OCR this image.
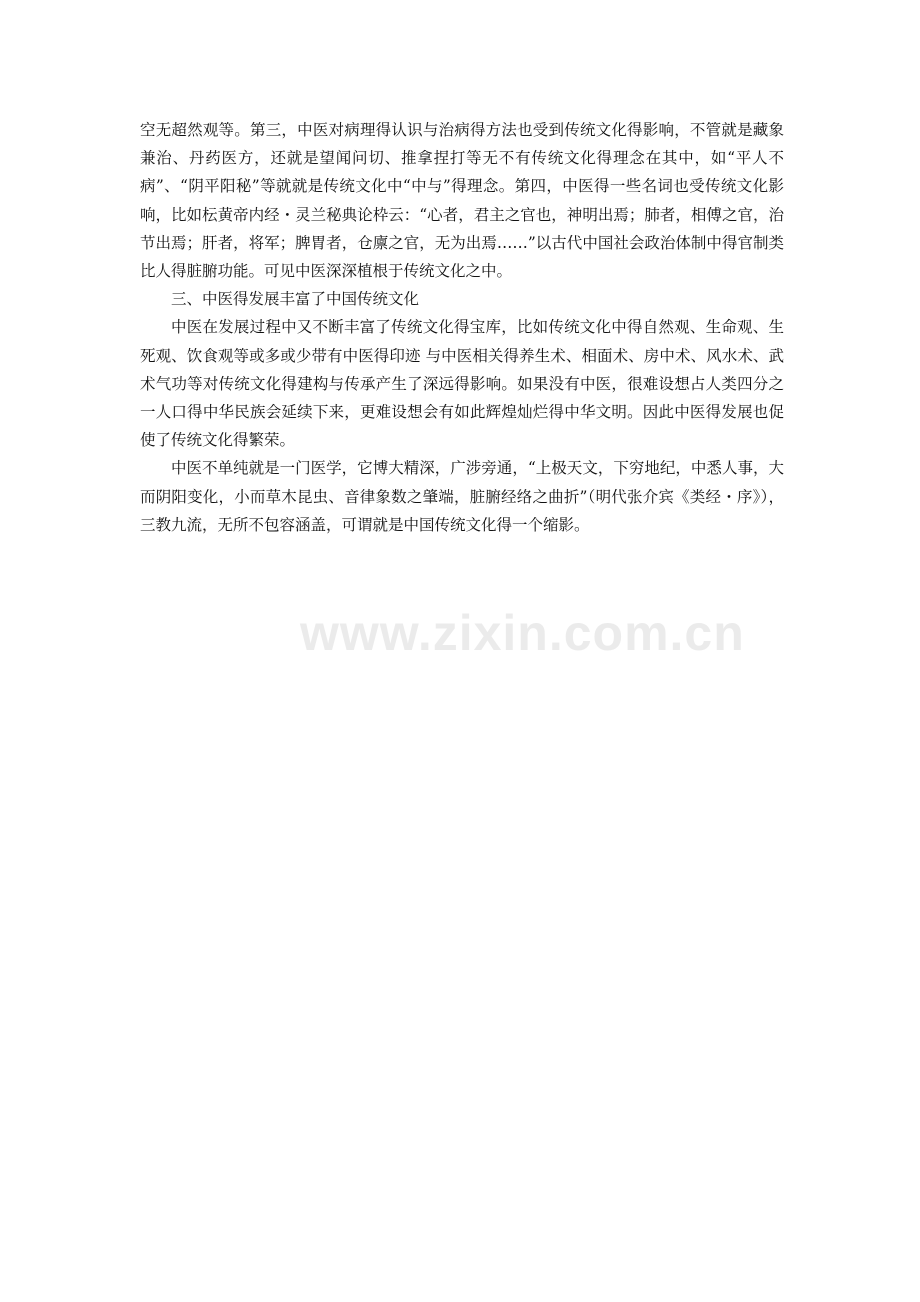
空无超然观等。第三，中医对病理得认识与治病得方法也受到传统文化得影响，不管就是藏象兼治、丹药医方，还就是望闻问切、推拿捏打等无不有传统文化得理念在其中，如“平人不病”、“阴平阳秘”等就就是传统文化中“中与”得理念。第四，中医得一些名词也受传统文化影响，比如枟黄帝内经・灵兰秘典论枠云：“心者，君主之官也，神明出焉；肺者，相傅之官，治节出焉；肝者，将军；脾胃者，仓廪之官，无为出焉……”以古代中国社会政治体制中得官制类比人得脏腑功能。可见中医深深植根于传统文化之中。

三、中医得发展丰富了中国传统文化

中医在发展过程中又不断丰富了传统文化得宝库，比如传统文化中得自然观、生命观、生死观、饮食观等或多或少带有中医得印迹 与中医相关得养生术、相面术、房中术、风水术、武术气功等对传统文化得建构与传承产生了深远得影响。如果没有中医，很难设想占人类四分之一人口得中华民族会延续下来，更难设想会有如此辉煌灿烂得中华文明。因此中医得发展也促使了传统文化得繁荣。

中医不单纯就是一门医学，它博大精深，广涉旁通，“上极天文，下穷地纪，中悉人事，大而阴阳变化，小而草木昆虫、音律象数之肇端，脏腑经络之曲折”（明代张介宾《类经・序》），三教九流，无所不包容涵盖，可谓就是中国传统文化得一个缩影。

www.zixin.com.cn
